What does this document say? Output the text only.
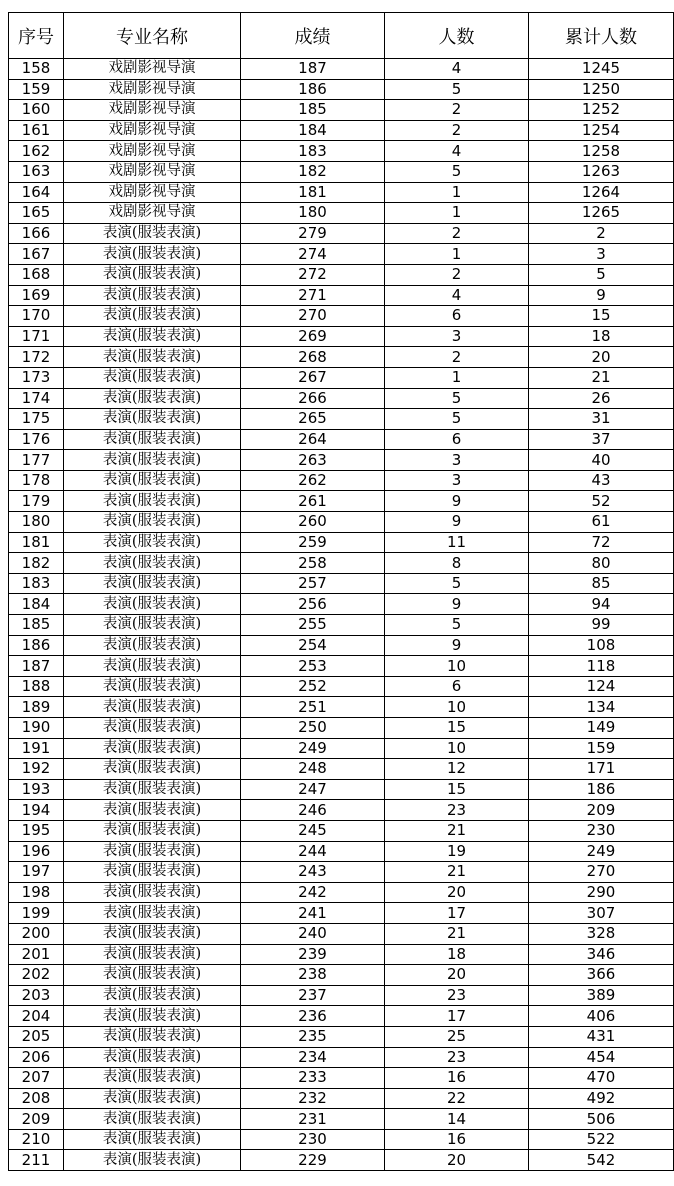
序号	专业名称	成绩	人数	累计人数
158	戏剧影视导演	187	4	1245
159	戏剧影视导演	186	5	1250
160	戏剧影视导演	185	2	1252
161	戏剧影视导演	184	2	1254
162	戏剧影视导演	183	4	1258
163	戏剧影视导演	182	5	1263
164	戏剧影视导演	181	1	1264
165	戏剧影视导演	180	1	1265
166	表演(服装表演)	279	2	2
167	表演(服装表演)	274	1	3
168	表演(服装表演)	272	2	5
169	表演(服装表演)	271	4	9
170	表演(服装表演)	270	6	15
171	表演(服装表演)	269	3	18
172	表演(服装表演)	268	2	20
173	表演(服装表演)	267	1	21
174	表演(服装表演)	266	5	26
175	表演(服装表演)	265	5	31
176	表演(服装表演)	264	6	37
177	表演(服装表演)	263	3	40
178	表演(服装表演)	262	3	43
179	表演(服装表演)	261	9	52
180	表演(服装表演)	260	9	61
181	表演(服装表演)	259	11	72
182	表演(服装表演)	258	8	80
183	表演(服装表演)	257	5	85
184	表演(服装表演)	256	9	94
185	表演(服装表演)	255	5	99
186	表演(服装表演)	254	9	108
187	表演(服装表演)	253	10	118
188	表演(服装表演)	252	6	124
189	表演(服装表演)	251	10	134
190	表演(服装表演)	250	15	149
191	表演(服装表演)	249	10	159
192	表演(服装表演)	248	12	171
193	表演(服装表演)	247	15	186
194	表演(服装表演)	246	23	209
195	表演(服装表演)	245	21	230
196	表演(服装表演)	244	19	249
197	表演(服装表演)	243	21	270
198	表演(服装表演)	242	20	290
199	表演(服装表演)	241	17	307
200	表演(服装表演)	240	21	328
201	表演(服装表演)	239	18	346
202	表演(服装表演)	238	20	366
203	表演(服装表演)	237	23	389
204	表演(服装表演)	236	17	406
205	表演(服装表演)	235	25	431
206	表演(服装表演)	234	23	454
207	表演(服装表演)	233	16	470
208	表演(服装表演)	232	22	492
209	表演(服装表演)	231	14	506
210	表演(服装表演)	230	16	522
211	表演(服装表演)	229	20	542
